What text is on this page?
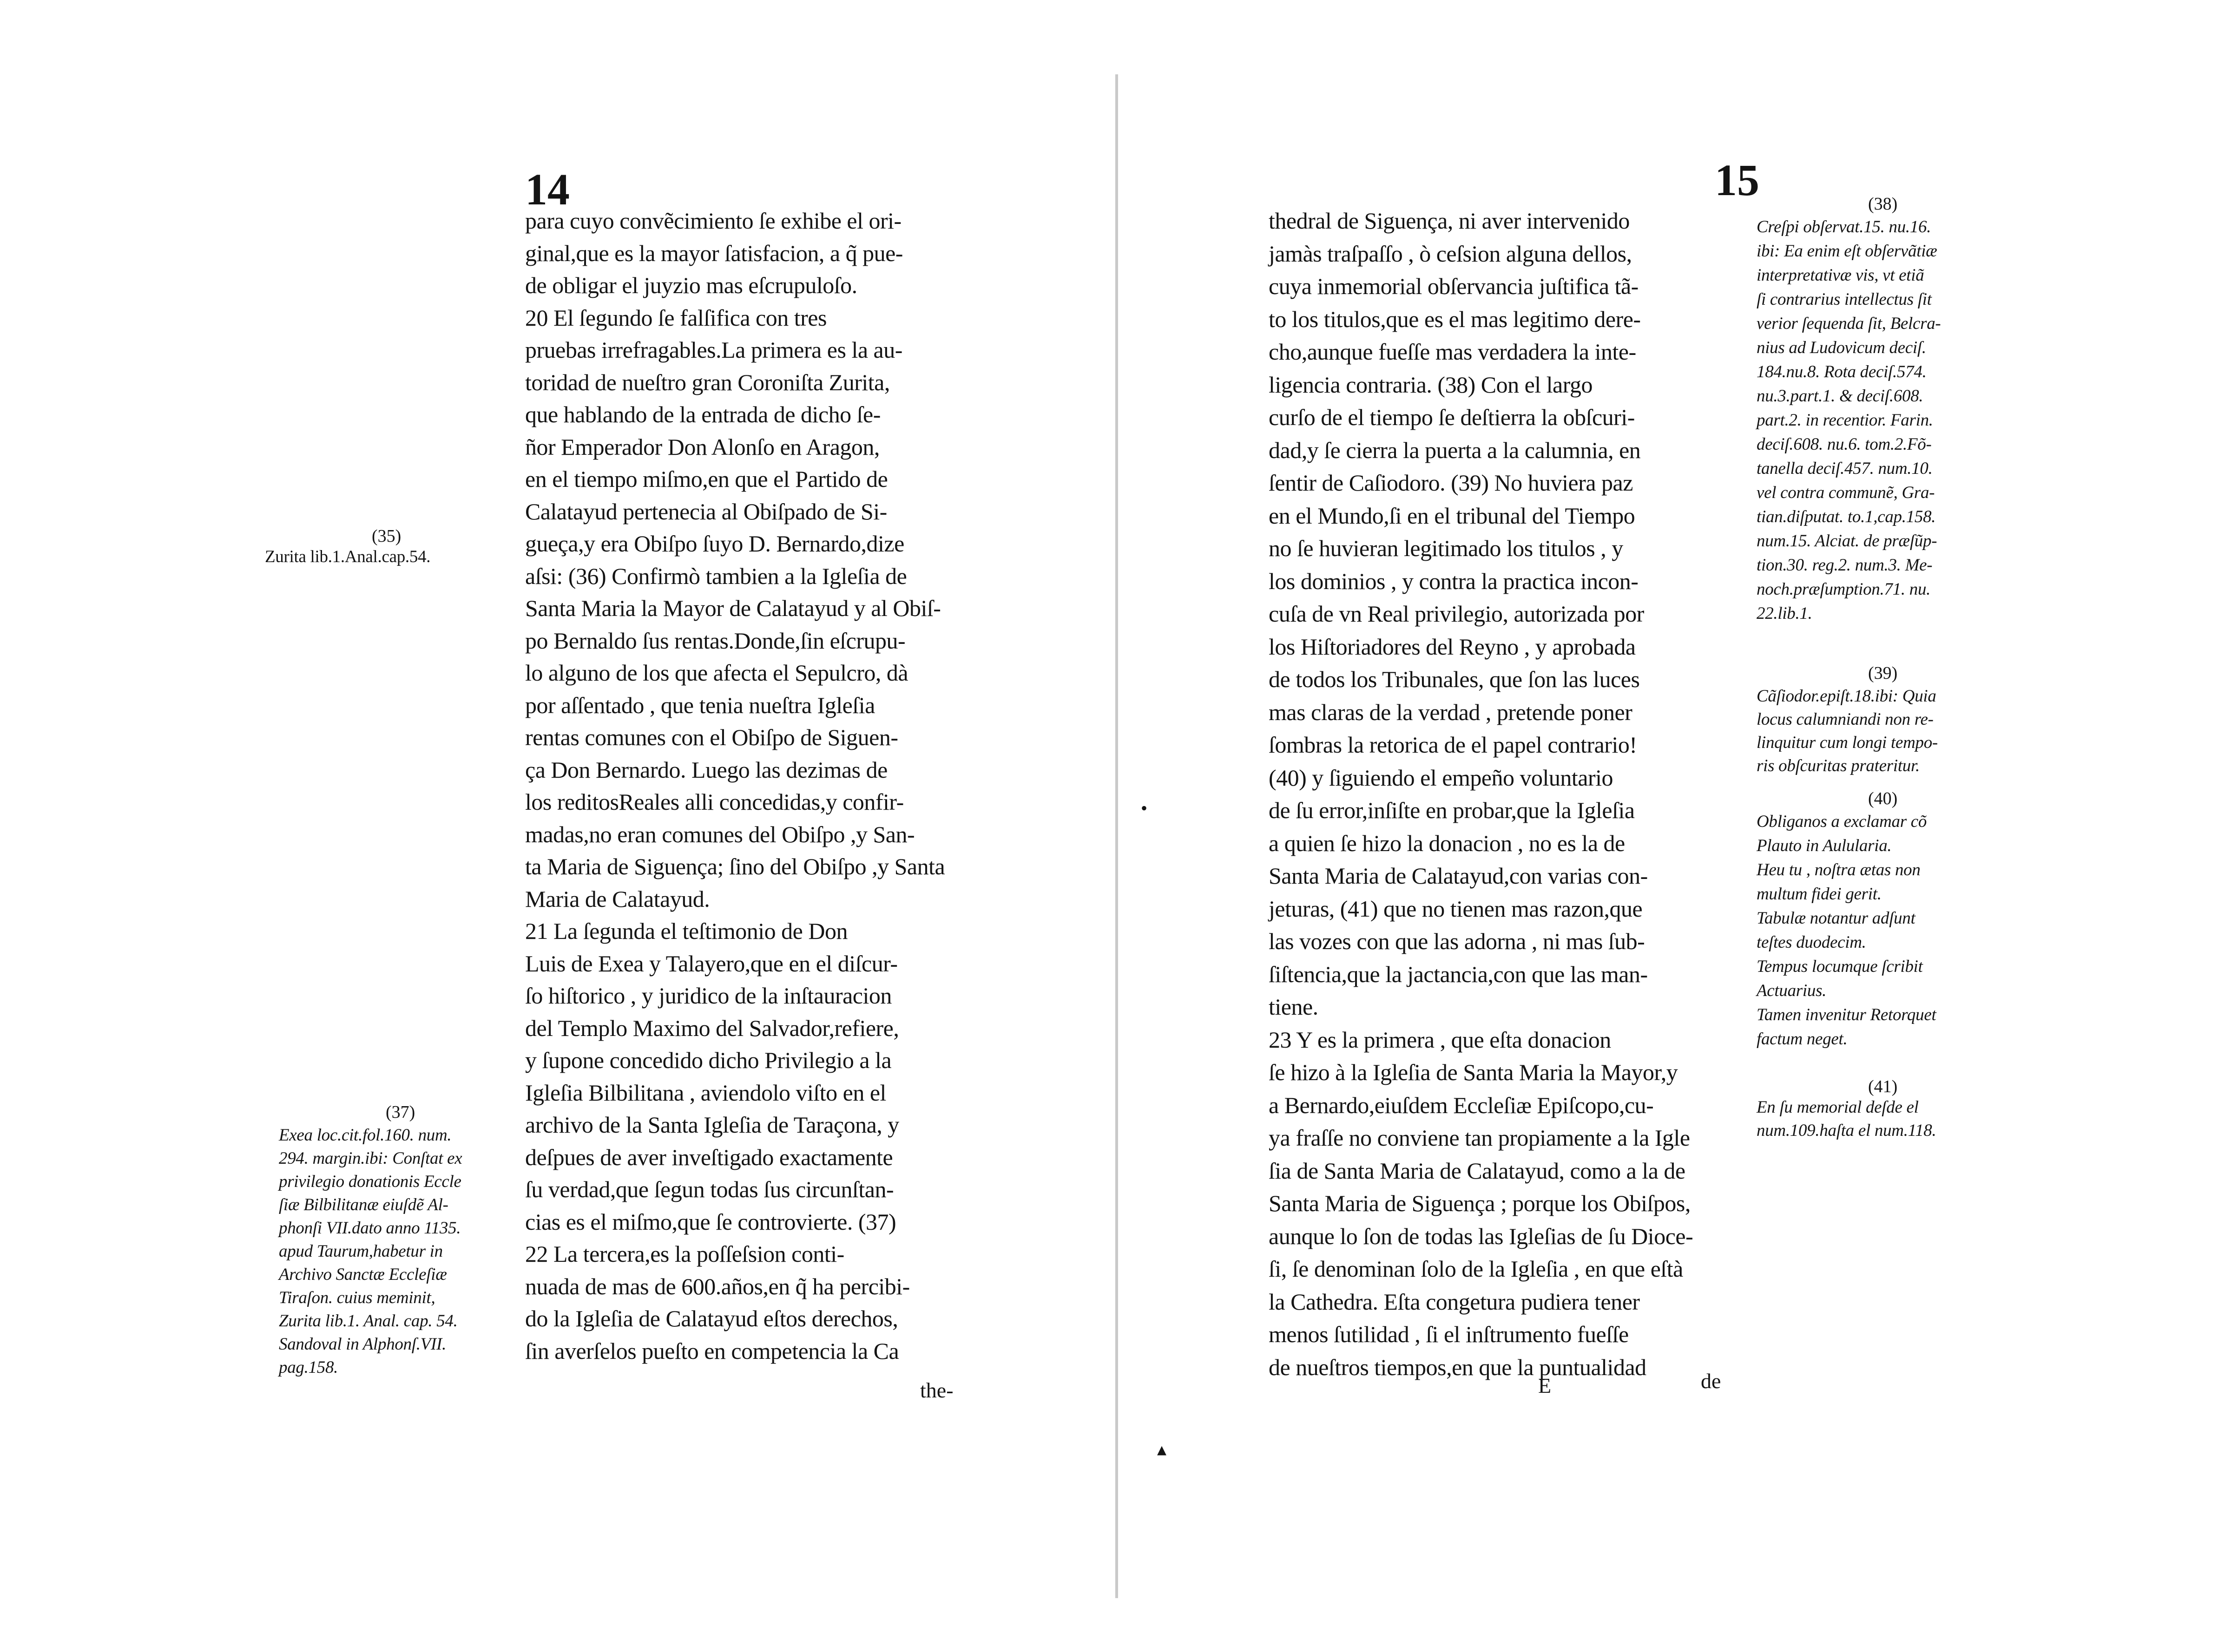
14
para cuyo convẽcimiento ſe exhibe el ori-
ginal,que es la mayor ſatisfacion, a q̃ pue-
de obligar el juyzio mas eſcrupuloſo.
20 El ſegundo ſe falſifica con tres
pruebas irrefragables.La primera es la au-
toridad de nueſtro gran Coroniſta Zurita,
que hablando de la entrada de dicho ſe-
ñor Emperador Don Alonſo en Aragon,
en el tiempo miſmo,en que el Partido de
Calatayud pertenecia al Obiſpado de Si-
gueça,y era Obiſpo ſuyo D. Bernardo,dize
aſsi: (36) Confirmò tambien a la Igleſia de
Santa Maria la Mayor de Calatayud y al Obiſ-
po Bernaldo ſus rentas.Donde,ſin eſcrupu-
lo alguno de los que afecta el Sepulcro, dà
por aſſentado , que tenia nueſtra Igleſia
rentas comunes con el Obiſpo de Siguen-
ça Don Bernardo. Luego las dezimas de
los reditosReales alli concedidas,y confir-
madas,no eran comunes del Obiſpo ,y San-
ta Maria de Siguença; ſino del Obiſpo ,y Santa
Maria de Calatayud.
21 La ſegunda el teſtimonio de Don
Luis de Exea y Talayero,que en el diſcur-
ſo hiſtorico , y juridico de la inſtauracion
del Templo Maximo del Salvador,refiere,
y ſupone concedido dicho Privilegio a la
Igleſia Bilbilitana , aviendolo viſto en el
archivo de la Santa Igleſia de Taraçona, y
deſpues de aver inveſtigado exactamente
ſu verdad,que ſegun todas ſus circunſtan-
cias es el miſmo,que ſe controvierte. (37)
22 La tercera,es la poſſeſsion conti-
nuada de mas de 600.años,en q̃ ha percibi-
do la Igleſia de Calatayud eſtos derechos,
ſin averſelos pueſto en competencia la Ca
the-
(35)
Zurita lib.1.Anal.cap.54.
(37)
Exea loc.cit.fol.160. num.
294. margin.ibi: Conſtat ex
privilegio donationis Eccle
ſiæ Bilbilitanæ eiuſdẽ Al-
phonſi VII.dato anno 1135.
apud Taurum,habetur in
Archivo Sanctæ Eccleſiæ
Tiraſon. cuius meminit,
Zurita lib.1. Anal. cap. 54.
Sandoval in Alphonſ.VII.
pag.158.
15
thedral de Siguença, ni aver intervenido
jamàs traſpaſſo , ò ceſsion alguna dellos,
cuya inmemorial obſervancia juſtifica tã-
to los titulos,que es el mas legitimo dere-
cho,aunque fueſſe mas verdadera la inte-
ligencia contraria. (38) Con el largo
curſo de el tiempo ſe deſtierra la obſcuri-
dad,y ſe cierra la puerta a la calumnia, en
ſentir de Caſiodoro. (39) No huviera paz
en el Mundo,ſi en el tribunal del Tiempo
no ſe huvieran legitimado los titulos , y
los dominios , y contra la practica incon-
cuſa de vn Real privilegio, autorizada por
los Hiſtoriadores del Reyno , y aprobada
de todos los Tribunales, que ſon las luces
mas claras de la verdad , pretende poner
ſombras la retorica de el papel contrario!
(40) y ſiguiendo el empeño voluntario
de ſu error,inſiſte en probar,que la Igleſia
a quien ſe hizo la donacion , no es la de
Santa Maria de Calatayud,con varias con-
jeturas, (41) que no tienen mas razon,que
las vozes con que las adorna , ni mas ſub-
ſiſtencia,que la jactancia,con que las man-
tiene.
23 Y es la primera , que eſta donacion
ſe hizo à la Igleſia de Santa Maria la Mayor,y
a Bernardo,eiuſdem Eccleſiæ Epiſcopo,cu-
ya fraſſe no conviene tan propiamente a la Igle
ſia de Santa Maria de Calatayud, como a la de
Santa Maria de Siguença ; porque los Obiſpos,
aunque lo ſon de todas las Igleſias de ſu Dioce-
ſi, ſe denominan ſolo de la Igleſia , en que eſtà
la Cathedra. Eſta congetura pudiera tener
menos ſutilidad , ſi el inſtrumento fueſſe
de nueſtros tiempos,en que la puntualidad
E	de
(38)
Creſpi obſervat.15. nu.16.
ibi: Ea enim eſt obſervãtiæ
interpretativæ vis, vt etiã
ſi contrarius intellectus ſit
verior ſequenda ſit, Belcra-
nius ad Ludovicum deciſ.
184.nu.8. Rota deciſ.574.
nu.3.part.1. & deciſ.608.
part.2. in recentior. Farin.
deciſ.608. nu.6. tom.2.Fõ-
tanella deciſ.457. num.10.
vel contra communẽ, Gra-
tian.diſputat. to.1,cap.158.
num.15. Alciat. de præſũp-
tion.30. reg.2. num.3. Me-
noch.præſumption.71. nu.
22.lib.1.
(39)
Cãſiodor.epiſt.18.ibi: Quia
locus calumniandi non re-
linquitur cum longi tempo-
ris obſcuritas prateritur.
(40)
Obliganos a exclamar cõ
Plauto in Aulularia.
Heu tu , noſtra ætas non
multum fidei gerit.
Tabulæ notantur adſunt
teſtes duodecim.
Tempus locumque ſcribit
Actuarius.
Tamen invenitur Retorquet
factum neget.
(41)
En ſu memorial deſde el
num.109.haſta el num.118.
•
▴
